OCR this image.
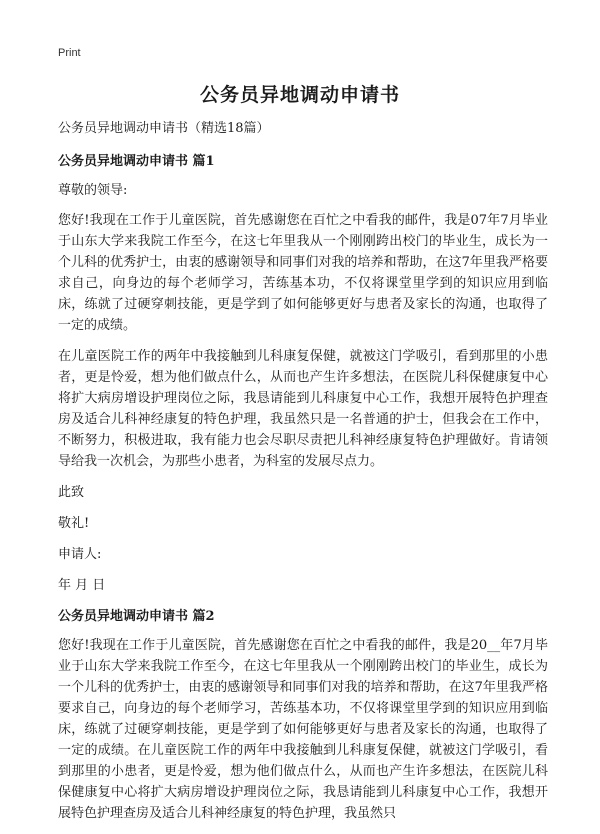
Print
公务员异地调动申请书

公务员异地调动申请书（精选18篇）

公务员异地调动申请书 篇1

尊敬的领导:

您好!我现在工作于儿童医院，首先感谢您在百忙之中看我的邮件，我是07年7月毕业于山东大学来我院工作至今，在这七年里我从一个刚刚跨出校门的毕业生，成长为一个儿科的优秀护士，由衷的感谢领导和同事们对我的培养和帮助，在这7年里我严格要求自己，向身边的每个老师学习，苦练基本功，不仅将课堂里学到的知识应用到临床，练就了过硬穿刺技能，更是学到了如何能够更好与患者及家长的沟通，也取得了一定的成绩。

在儿童医院工作的两年中我接触到儿科康复保健，就被这门学吸引，看到那里的小患者，更是怜爱，想为他们做点什么，从而也产生许多想法，在医院儿科保健康复中心将扩大病房增设护理岗位之际，我恳请能到儿科康复中心工作，我想开展特色护理查房及适合儿科神经康复的特色护理，我虽然只是一名普通的护士，但我会在工作中，不断努力，积极进取，我有能力也会尽职尽责把儿科神经康复特色护理做好。肯请领导给我一次机会，为那些小患者，为科室的发展尽点力。

此致

敬礼!

申请人:

年 月 日

公务员异地调动申请书 篇2

您好!我现在工作于儿童医院，首先感谢您在百忙之中看我的邮件，我是20__年7月毕业于山东大学来我院工作至今，在这七年里我从一个刚刚跨出校门的毕业生，成长为一个儿科的优秀护士，由衷的感谢领导和同事们对我的培养和帮助，在这7年里我严格要求自己，向身边的每个老师学习，苦练基本功，不仅将课堂里学到的知识应用到临床，练就了过硬穿刺技能，更是学到了如何能够更好与患者及家长的沟通，也取得了一定的成绩。在儿童医院工作的两年中我接触到儿科康复保健，就被这门学吸引，看到那里的小患者，更是怜爱，想为他们做点什么，从而也产生许多想法，在医院儿科保健康复中心将扩大病房增设护理岗位之际，我恳请能到儿科康复中心工作，我想开展特色护理查房及适合儿科神经康复的特色护理，我虽然只
